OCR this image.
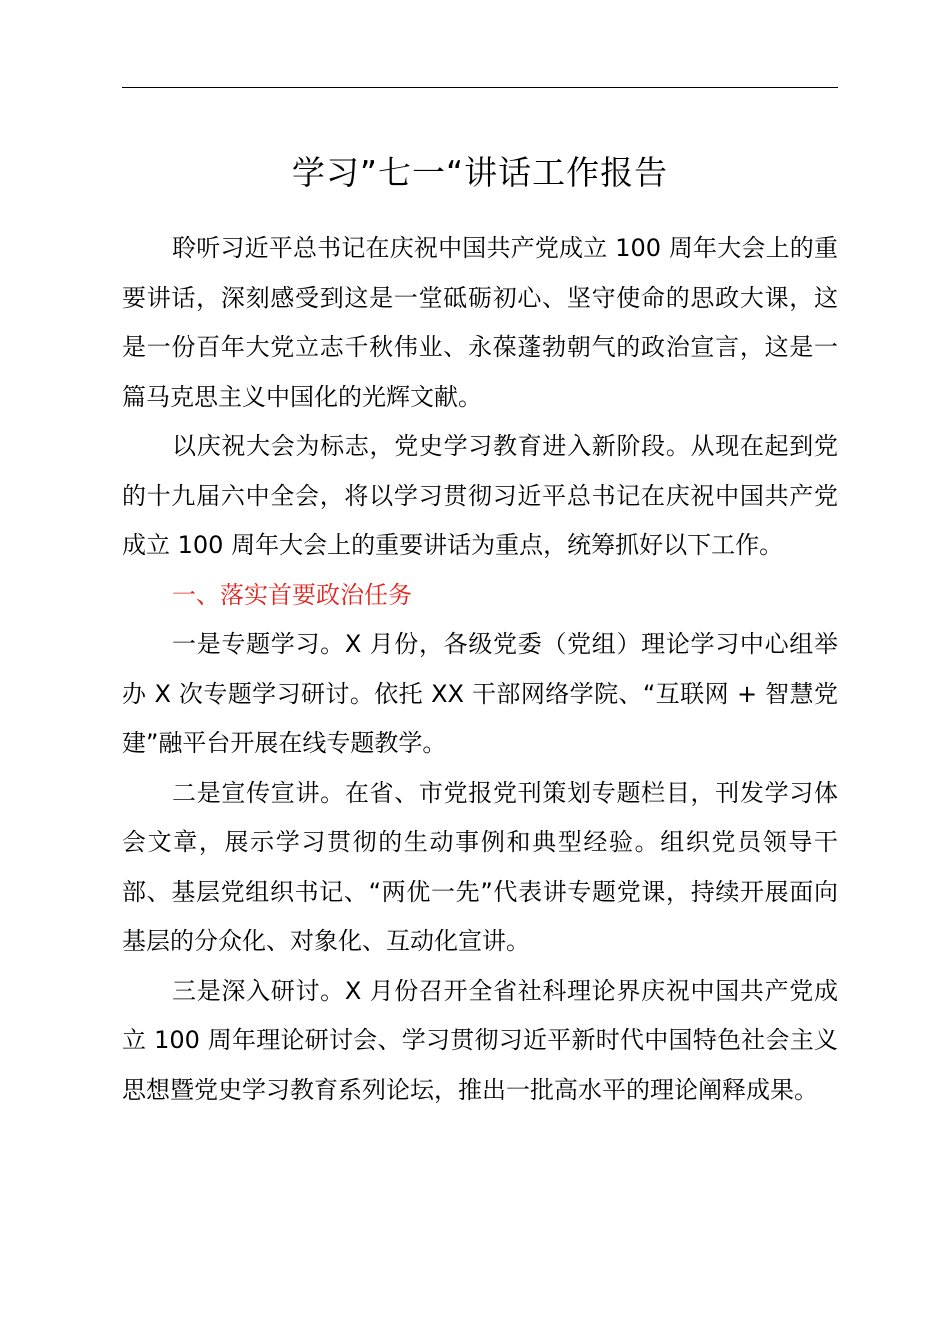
学习”七一“讲话工作报告

聆听习近平总书记在庆祝中国共产党成立 100 周年大会上的重要讲话，深刻感受到这是一堂砥砺初心、坚守使命的思政大课，这是一份百年大党立志千秋伟业、永葆蓬勃朝气的政治宣言，这是一篇马克思主义中国化的光辉文献。

以庆祝大会为标志，党史学习教育进入新阶段。从现在起到党的十九届六中全会，将以学习贯彻习近平总书记在庆祝中国共产党成立 100 周年大会上的重要讲话为重点，统筹抓好以下工作。

一、落实首要政治任务

一是专题学习。X 月份，各级党委（党组）理论学习中心组举办 X 次专题学习研讨。依托 XX 干部网络学院、“互联网 + 智慧党建”融平台开展在线专题教学。

二是宣传宣讲。在省、市党报党刊策划专题栏目，刊发学习体会文章，展示学习贯彻的生动事例和典型经验。组织党员领导干部、基层党组织书记、“两优一先”代表讲专题党课，持续开展面向基层的分众化、对象化、互动化宣讲。

三是深入研讨。X 月份召开全省社科理论界庆祝中国共产党成立 100 周年理论研讨会、学习贯彻习近平新时代中国特色社会主义思想暨党史学习教育系列论坛，推出一批高水平的理论阐释成果。
